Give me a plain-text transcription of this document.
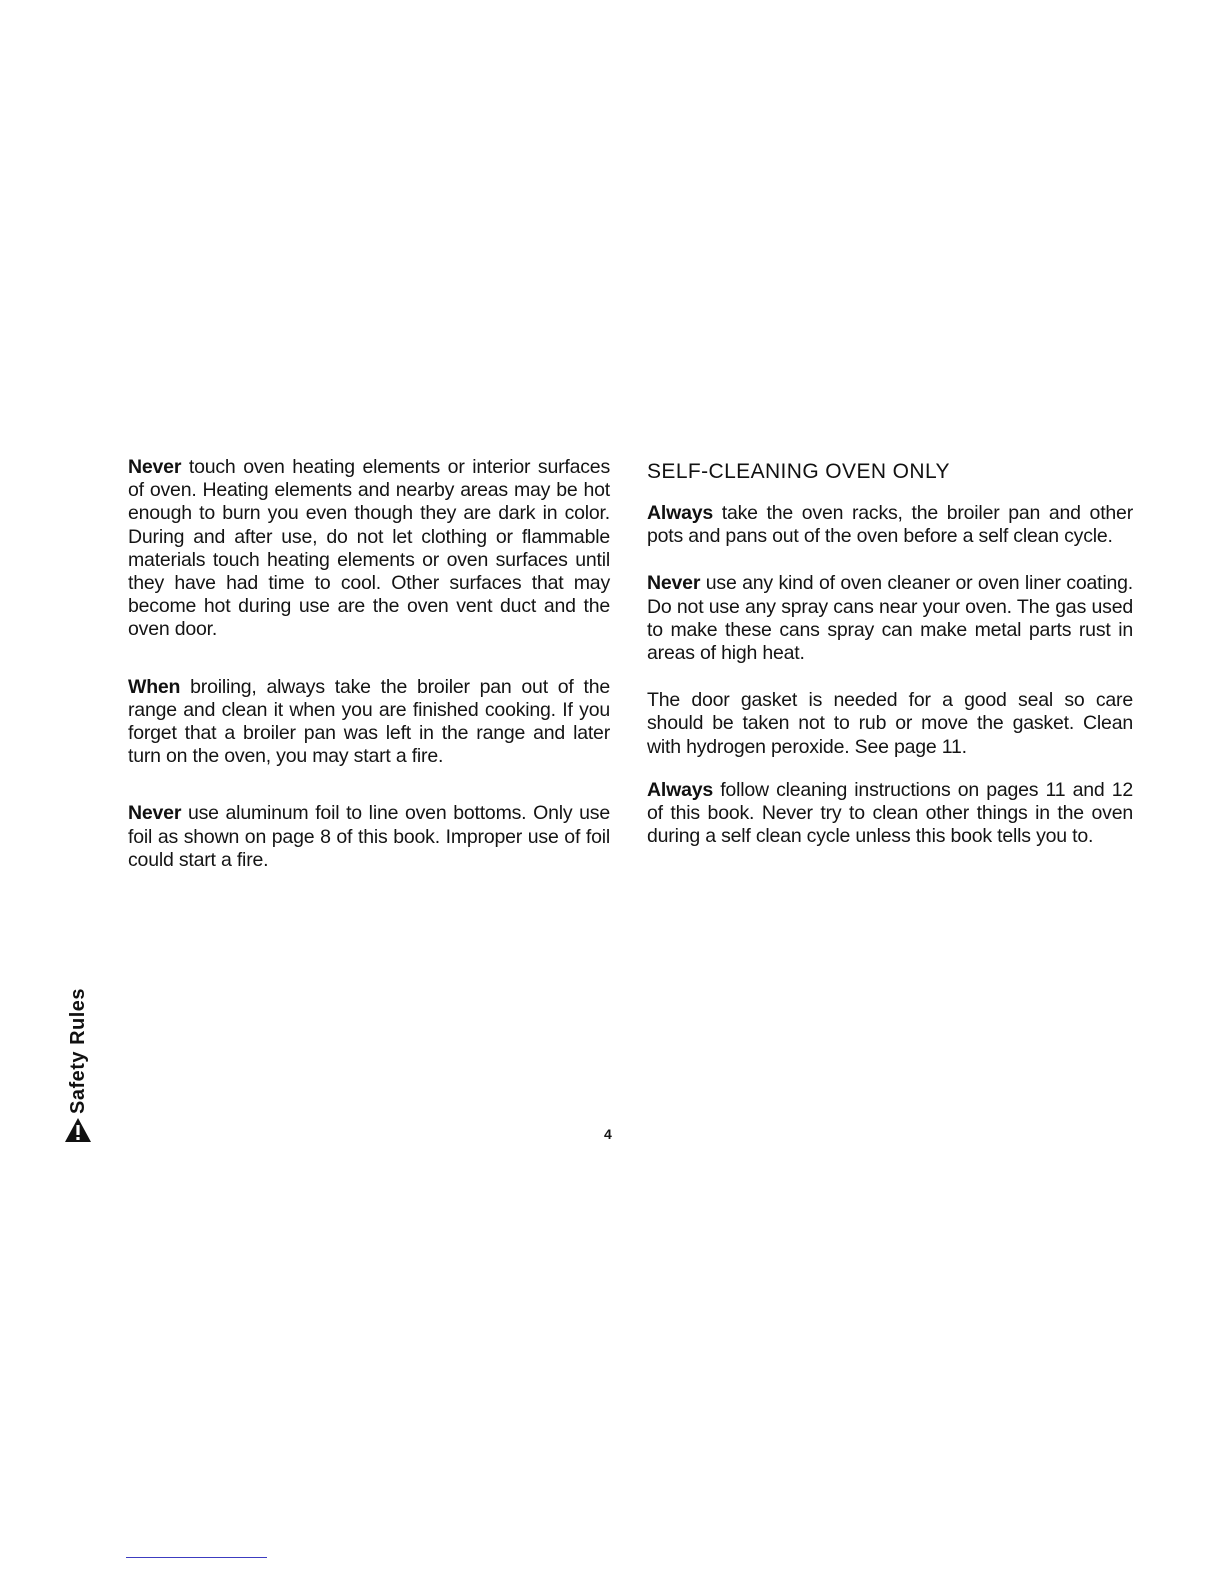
Never touch oven heating elements or interior surfaces of oven. Heating elements and nearby areas may be hot enough to burn you even though they are dark in color. During and after use, do not let clothing or flammable materials touch heating elements or oven surfaces until they have had time to cool. Other surfaces that may become hot during use are the oven vent duct and the oven door.

When broiling, always take the broiler pan out of the range and clean it when you are finished cooking. If you forget that a broiler pan was left in the range and later turn on the oven, you may start a fire.

Never use aluminum foil to line oven bottoms. Only use foil as shown on page 8 of this book. Improper use of foil could start a fire.

SELF-CLEANING OVEN ONLY

Always take the oven racks, the broiler pan and other pots and pans out of the oven before a self clean cycle.

Never use any kind of oven cleaner or oven liner coating. Do not use any spray cans near your oven. The gas used to make these cans spray can make metal parts rust in areas of high heat.

The door gasket is needed for a good seal so care should be taken not to rub or move the gasket. Clean with hydrogen peroxide. See page 11.

Always follow cleaning instructions on pages 11 and 12 of this book. Never try to clean other things in the oven during a self clean cycle unless this book tells you to.

Safety Rules
4
